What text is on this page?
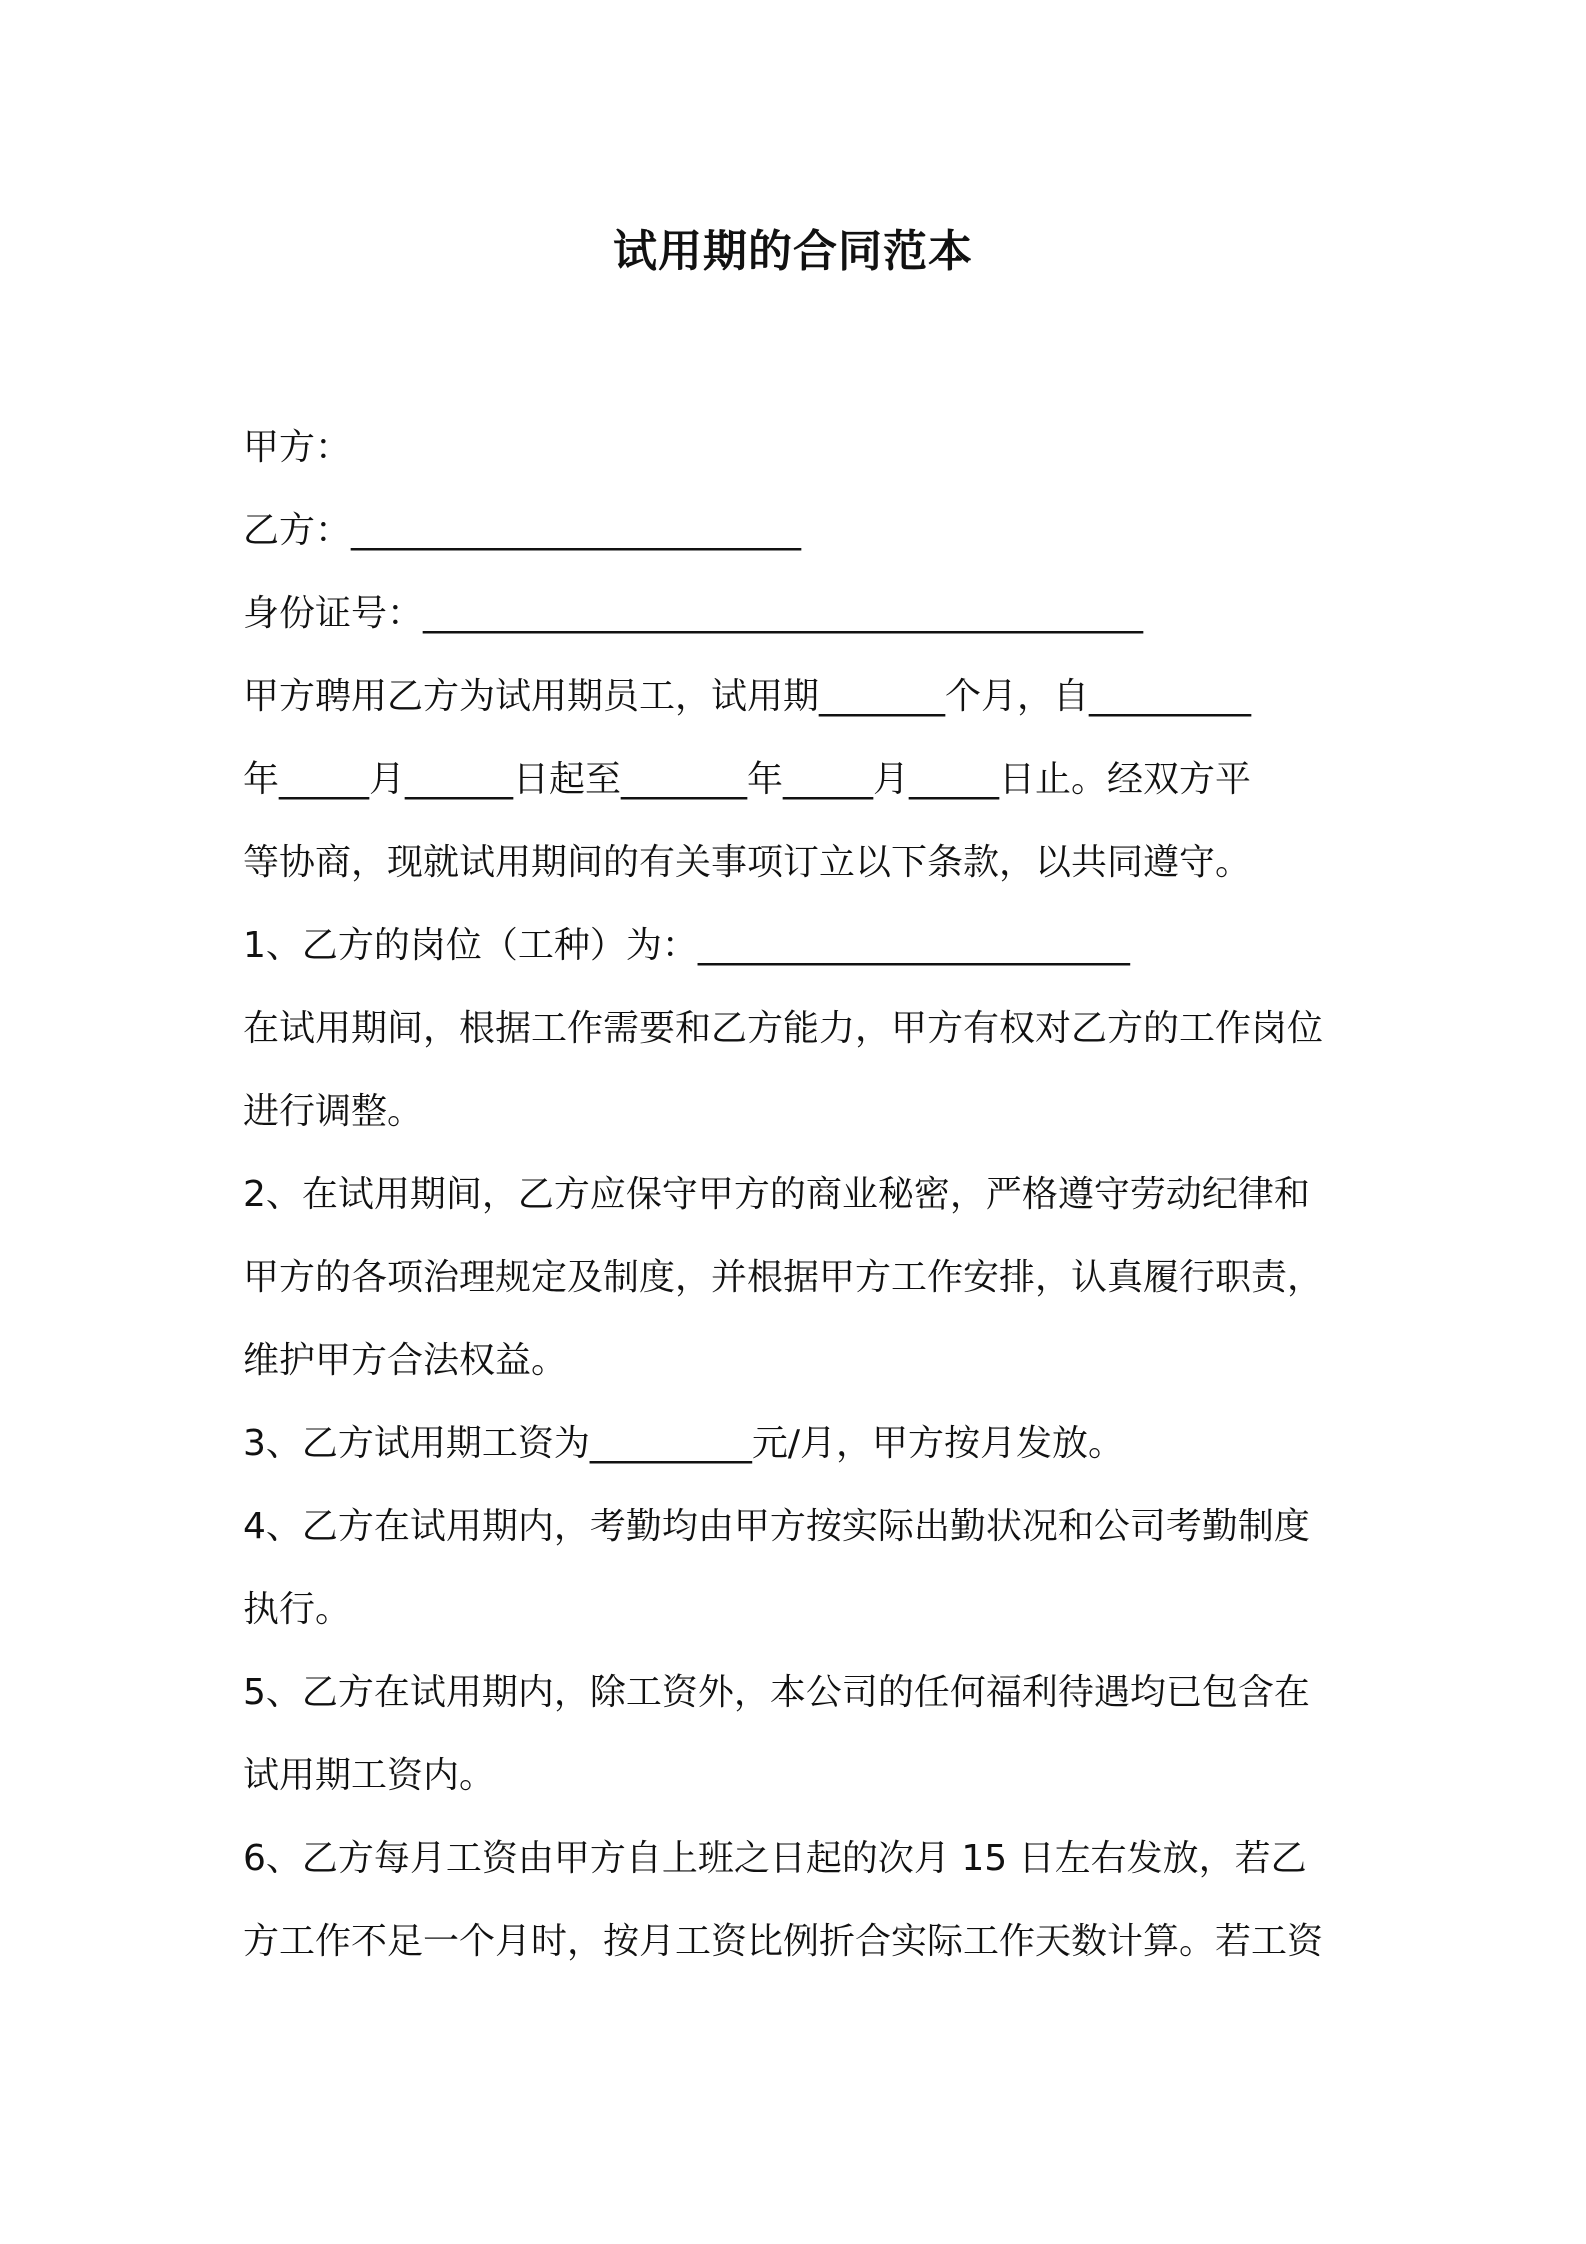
试用期的合同范本
甲方：
乙方：_________________________
身份证号：________________________________________
甲方聘用乙方为试用期员工，试用期_______个月，自_________
年_____月______日起至_______年_____月_____日止。经双方平
等协商，现就试用期间的有关事项订立以下条款，以共同遵守。
1、乙方的岗位（工种）为：________________________
在试用期间，根据工作需要和乙方能力，甲方有权对乙方的工作岗位
进行调整。
2、在试用期间，乙方应保守甲方的商业秘密，严格遵守劳动纪律和
甲方的各项治理规定及制度，并根据甲方工作安排，认真履行职责，
维护甲方合法权益。
3、乙方试用期工资为_________元/月，甲方按月发放。
4、乙方在试用期内，考勤均由甲方按实际出勤状况和公司考勤制度
执行。
5、乙方在试用期内，除工资外，本公司的任何福利待遇均已包含在
试用期工资内。
6、乙方每月工资由甲方自上班之日起的次月 15 日左右发放，若乙
方工作不足一个月时，按月工资比例折合实际工作天数计算。若工资
